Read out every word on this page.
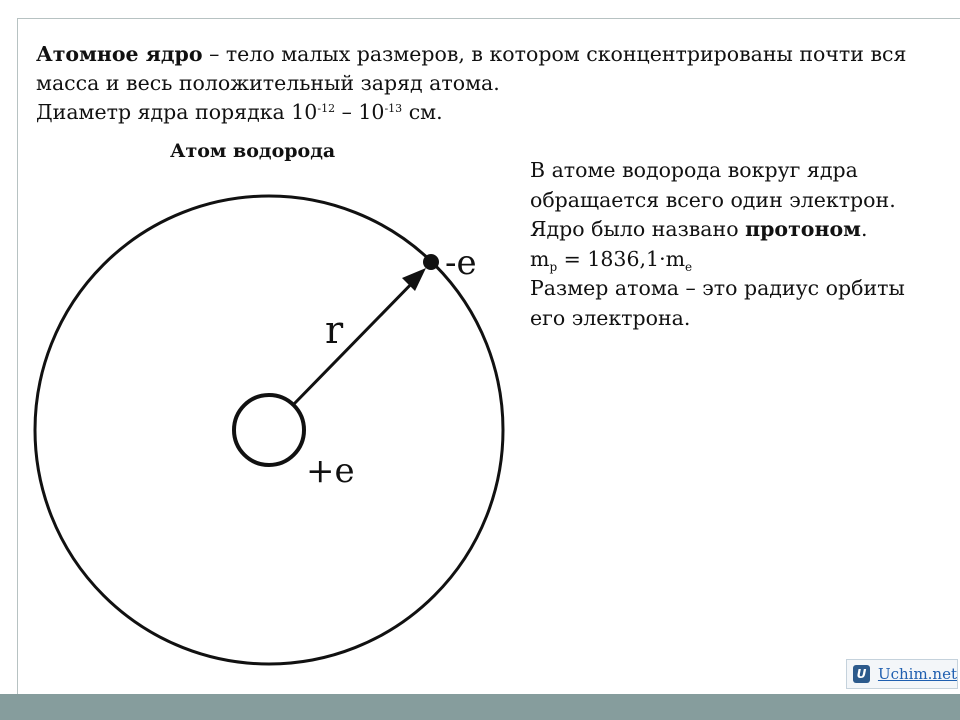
Атомное ядро – тело малых размеров, в котором сконцентрированы почти вся масса и весь положительный заряд атома.
Диаметр ядра порядка $10^{-12} - 10^{-13}$ см.

Атом водорода

-e
r
+e
В атоме водорода вокруг ядра
обращается всего один электрон.
Ядро было названо протоном.
$m_p = 1836,1\cdot m_e$
Размер атома – это радиус орбиты
его электрона.
U Uchim.net
